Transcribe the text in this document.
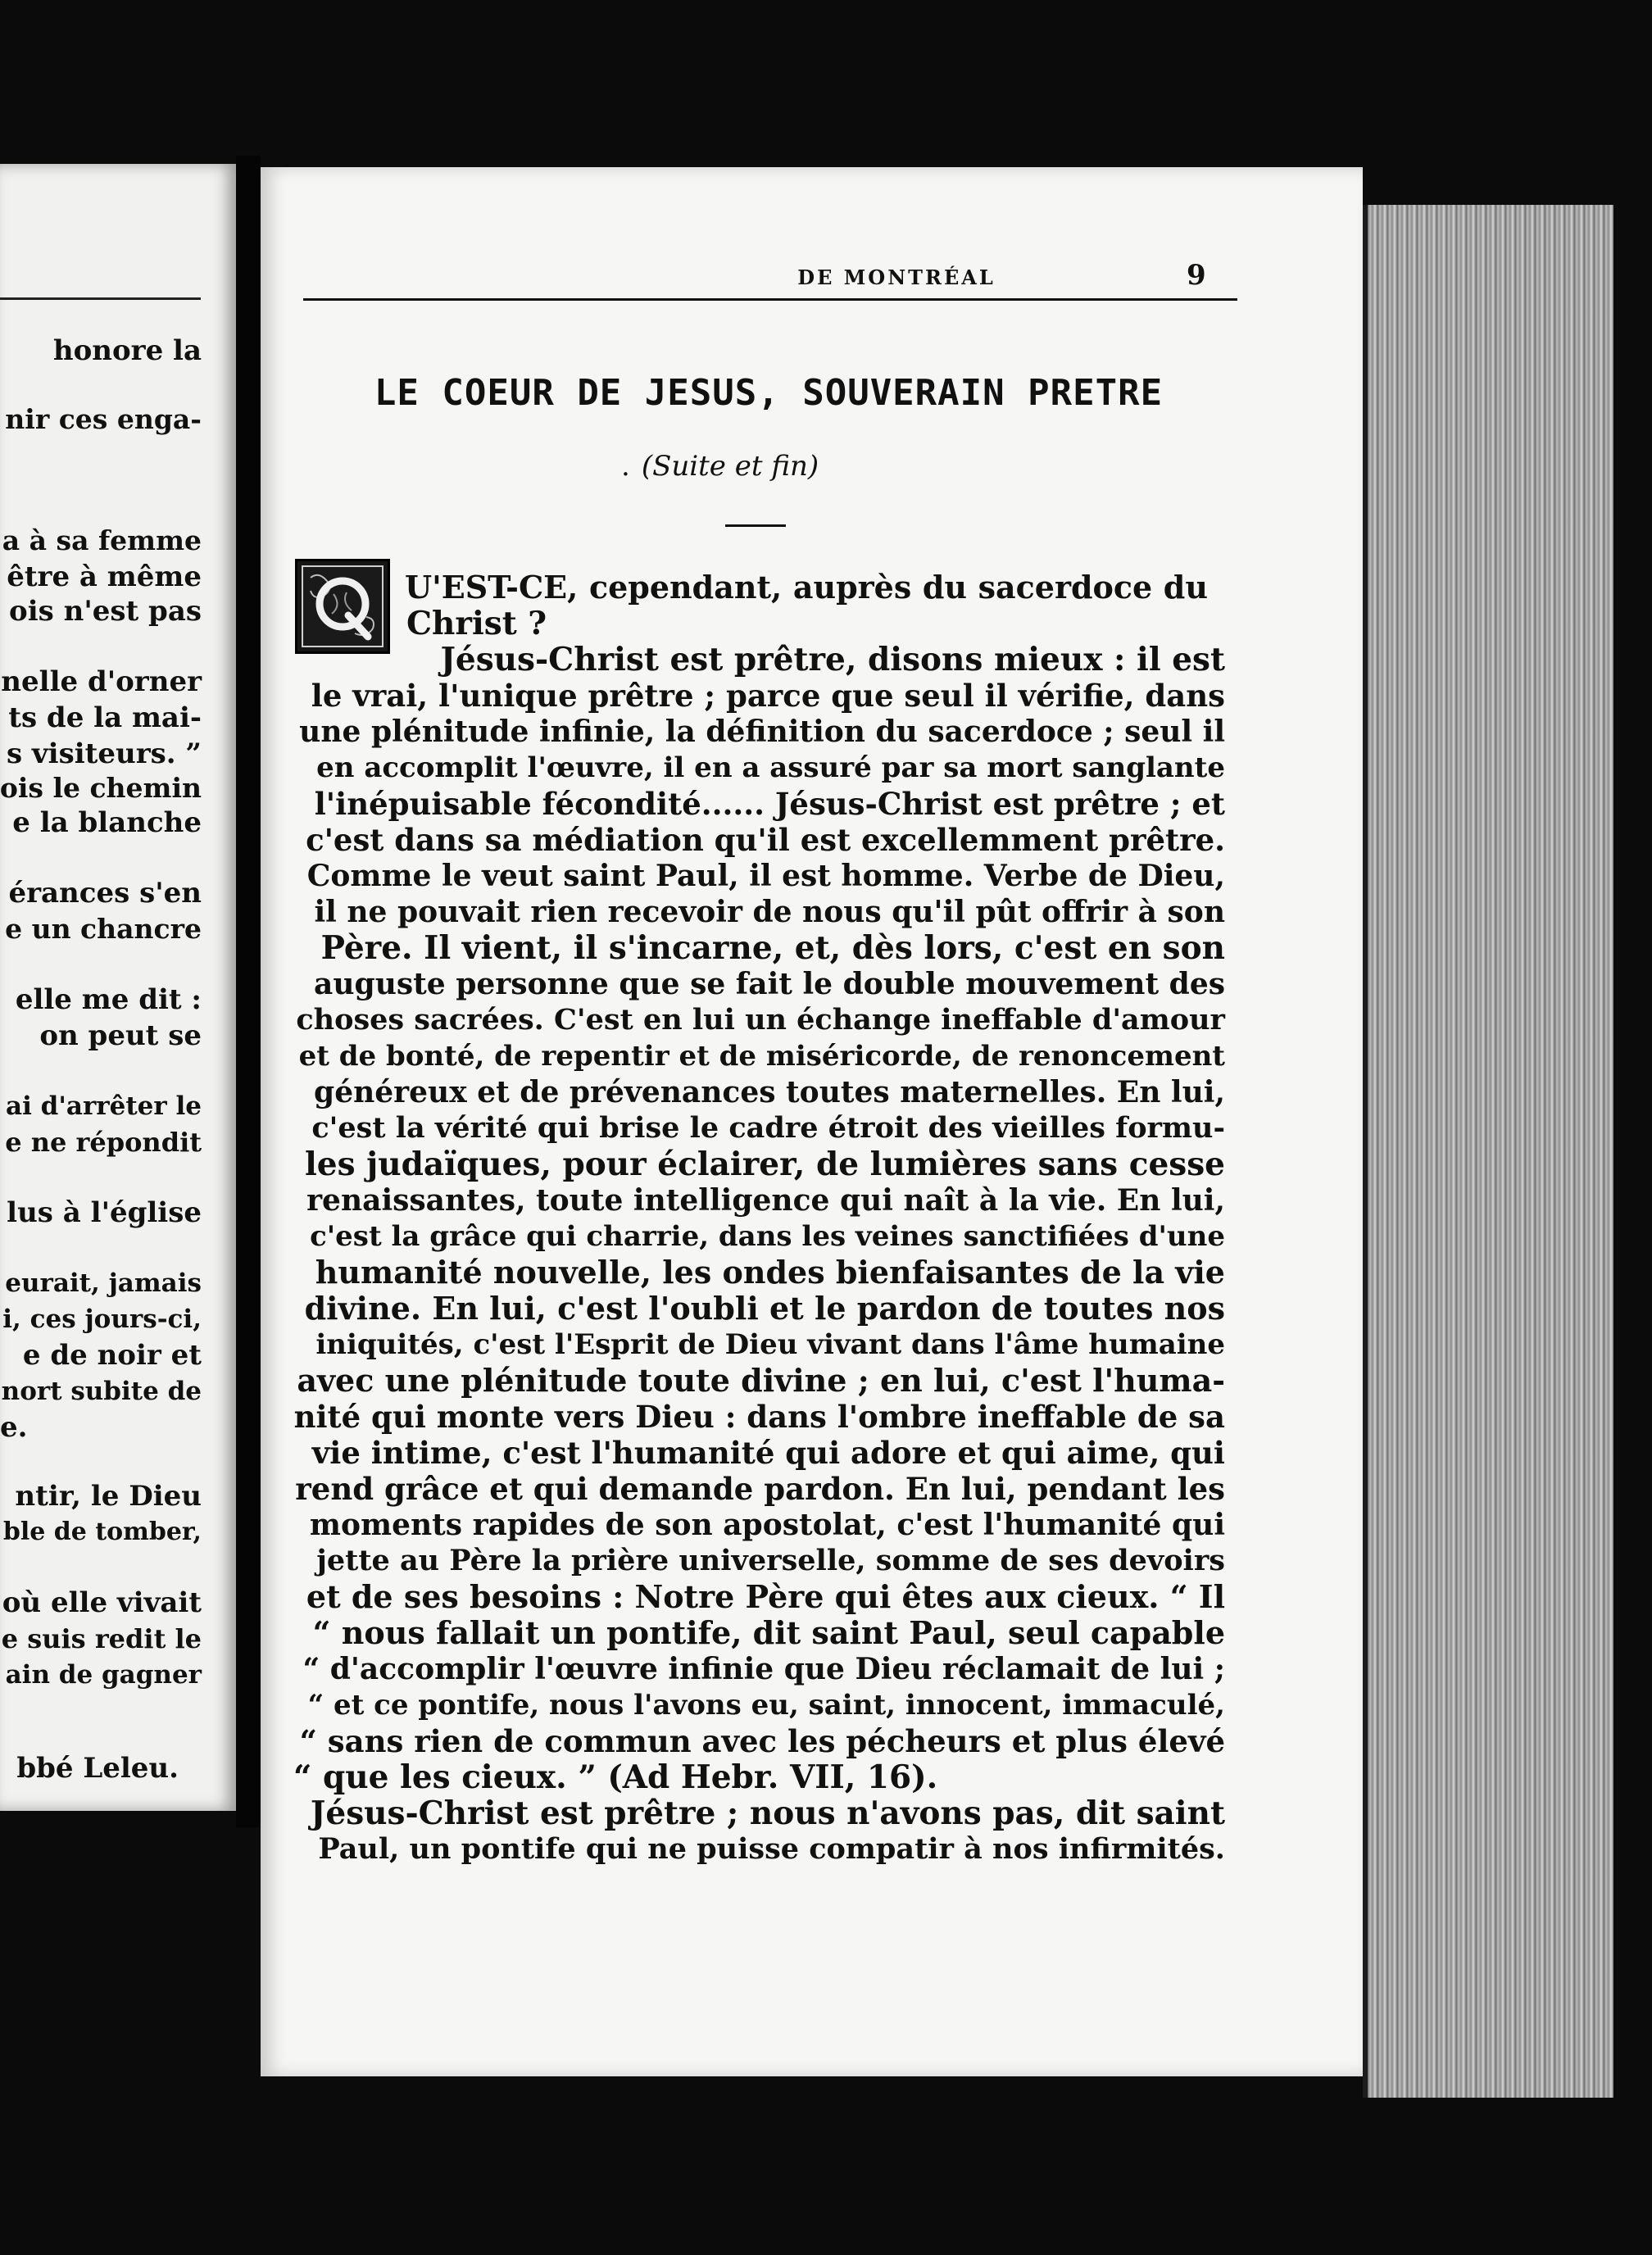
honore la
nir ces enga-
a à sa femme
être à même
ois n'est pas
nelle d'orner
ts de la mai-
s visiteurs. ”
ois le chemin
e la blanche
érances s'en
e un chancre
elle me dit :
on peut se
ai d'arrêter le
e ne répondit
lus à l'église
eurait, jamais
i, ces jours-ci,
e de noir et
nort subite de
e.
ntir, le Dieu
ble de tomber,
où elle vivait
e suis redit le
ain de gagner
bbé Leleu.
DE MONTRÉAL	9
LE COEUR DE JESUS, SOUVERAIN PRETRE
. (Suite et fin)
U'EST-CE, cependant, auprès du sacerdoce du
Christ ?
Jésus-Christ est prêtre, disons mieux : il est
le vrai, l'unique prêtre ; parce que seul il vérifie, dans
une plénitude infinie, la définition du sacerdoce ; seul il
en accomplit l'œuvre, il en a assuré par sa mort sanglante
l'inépuisable fécondité...... Jésus-Christ est prêtre ; et
c'est dans sa médiation qu'il est excellemment prêtre.
Comme le veut saint Paul, il est homme. Verbe de Dieu,
il ne pouvait rien recevoir de nous qu'il pût offrir à son
Père. Il vient, il s'incarne, et, dès lors, c'est en son
auguste personne que se fait le double mouvement des
choses sacrées. C'est en lui un échange ineffable d'amour
et de bonté, de repentir et de miséricorde, de renoncement
généreux et de prévenances toutes maternelles. En lui,
c'est la vérité qui brise le cadre étroit des vieilles formu-
les judaïques, pour éclairer, de lumières sans cesse
renaissantes, toute intelligence qui naît à la vie. En lui,
c'est la grâce qui charrie, dans les veines sanctifiées d'une
humanité nouvelle, les ondes bienfaisantes de la vie
divine. En lui, c'est l'oubli et le pardon de toutes nos
iniquités, c'est l'Esprit de Dieu vivant dans l'âme humaine
avec une plénitude toute divine ; en lui, c'est l'huma-
nité qui monte vers Dieu : dans l'ombre ineffable de sa
vie intime, c'est l'humanité qui adore et qui aime, qui
rend grâce et qui demande pardon. En lui, pendant les
moments rapides de son apostolat, c'est l'humanité qui
jette au Père la prière universelle, somme de ses devoirs
et de ses besoins : Notre Père qui êtes aux cieux. “ Il
“ nous fallait un pontife, dit saint Paul, seul capable
“ d'accomplir l'œuvre infinie que Dieu réclamait de lui ;
“ et ce pontife, nous l'avons eu, saint, innocent, immaculé,
“ sans rien de commun avec les pécheurs et plus élevé
“ que les cieux. ” (Ad Hebr. VII, 16).
Jésus-Christ est prêtre ; nous n'avons pas, dit saint
Paul, un pontife qui ne puisse compatir à nos infirmités.
